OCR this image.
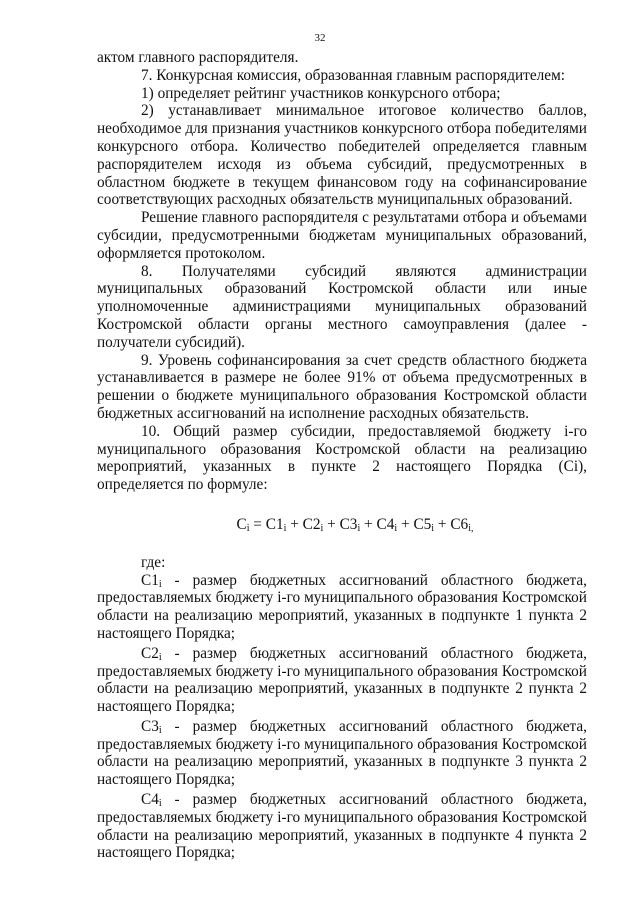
32

актом главного распорядителя.

7. Конкурсная комиссия, образованная главным распорядителем:

1) определяет рейтинг участников конкурсного отбора;

2) устанавливает минимальное итоговое количество баллов, необходимое для признания участников конкурсного отбора победителями конкурсного отбора. Количество победителей определяется главным распорядителем исходя из объема субсидий, предусмотренных в областном бюджете в текущем финансовом году на софинансирование соответствующих расходных обязательств муниципальных образований.

Решение главного распорядителя с результатами отбора и объемами субсидии, предусмотренными бюджетам муниципальных образований, оформляется протоколом.

8. Получателями субсидий являются администрации муниципальных образований Костромской области или иные уполномоченные администрациями муниципальных образований Костромской области органы местного самоуправления (далее - получатели субсидий).

9. Уровень софинансирования за счет средств областного бюджета устанавливается в размере не более 91% от объема предусмотренных в решении о бюджете муниципального образования Костромской области бюджетных ассигнований на исполнение расходных обязательств.

10. Общий размер субсидии, предоставляемой бюджету i-го муниципального образования Костромской области на реализацию мероприятий, указанных в пункте 2 настоящего Порядка (Ci), определяется по формуле:

$C_i = C1_i + C2_i + C3_i + C4_i + C5_i + C6_{i,}$

где:

$C1_i$ - размер бюджетных ассигнований областного бюджета, предоставляемых бюджету i-го муниципального образования Костромской области на реализацию мероприятий, указанных в подпункте 1 пункта 2 настоящего Порядка;

$C2_i$ - размер бюджетных ассигнований областного бюджета, предоставляемых бюджету i-го муниципального образования Костромской области на реализацию мероприятий, указанных в подпункте 2 пункта 2 настоящего Порядка;

$C3_i$ - размер бюджетных ассигнований областного бюджета, предоставляемых бюджету i-го муниципального образования Костромской области на реализацию мероприятий, указанных в подпункте 3 пункта 2 настоящего Порядка;

$C4_i$ - размер бюджетных ассигнований областного бюджета, предоставляемых бюджету i-го муниципального образования Костромской области на реализацию мероприятий, указанных в подпункте 4 пункта 2 настоящего Порядка;
